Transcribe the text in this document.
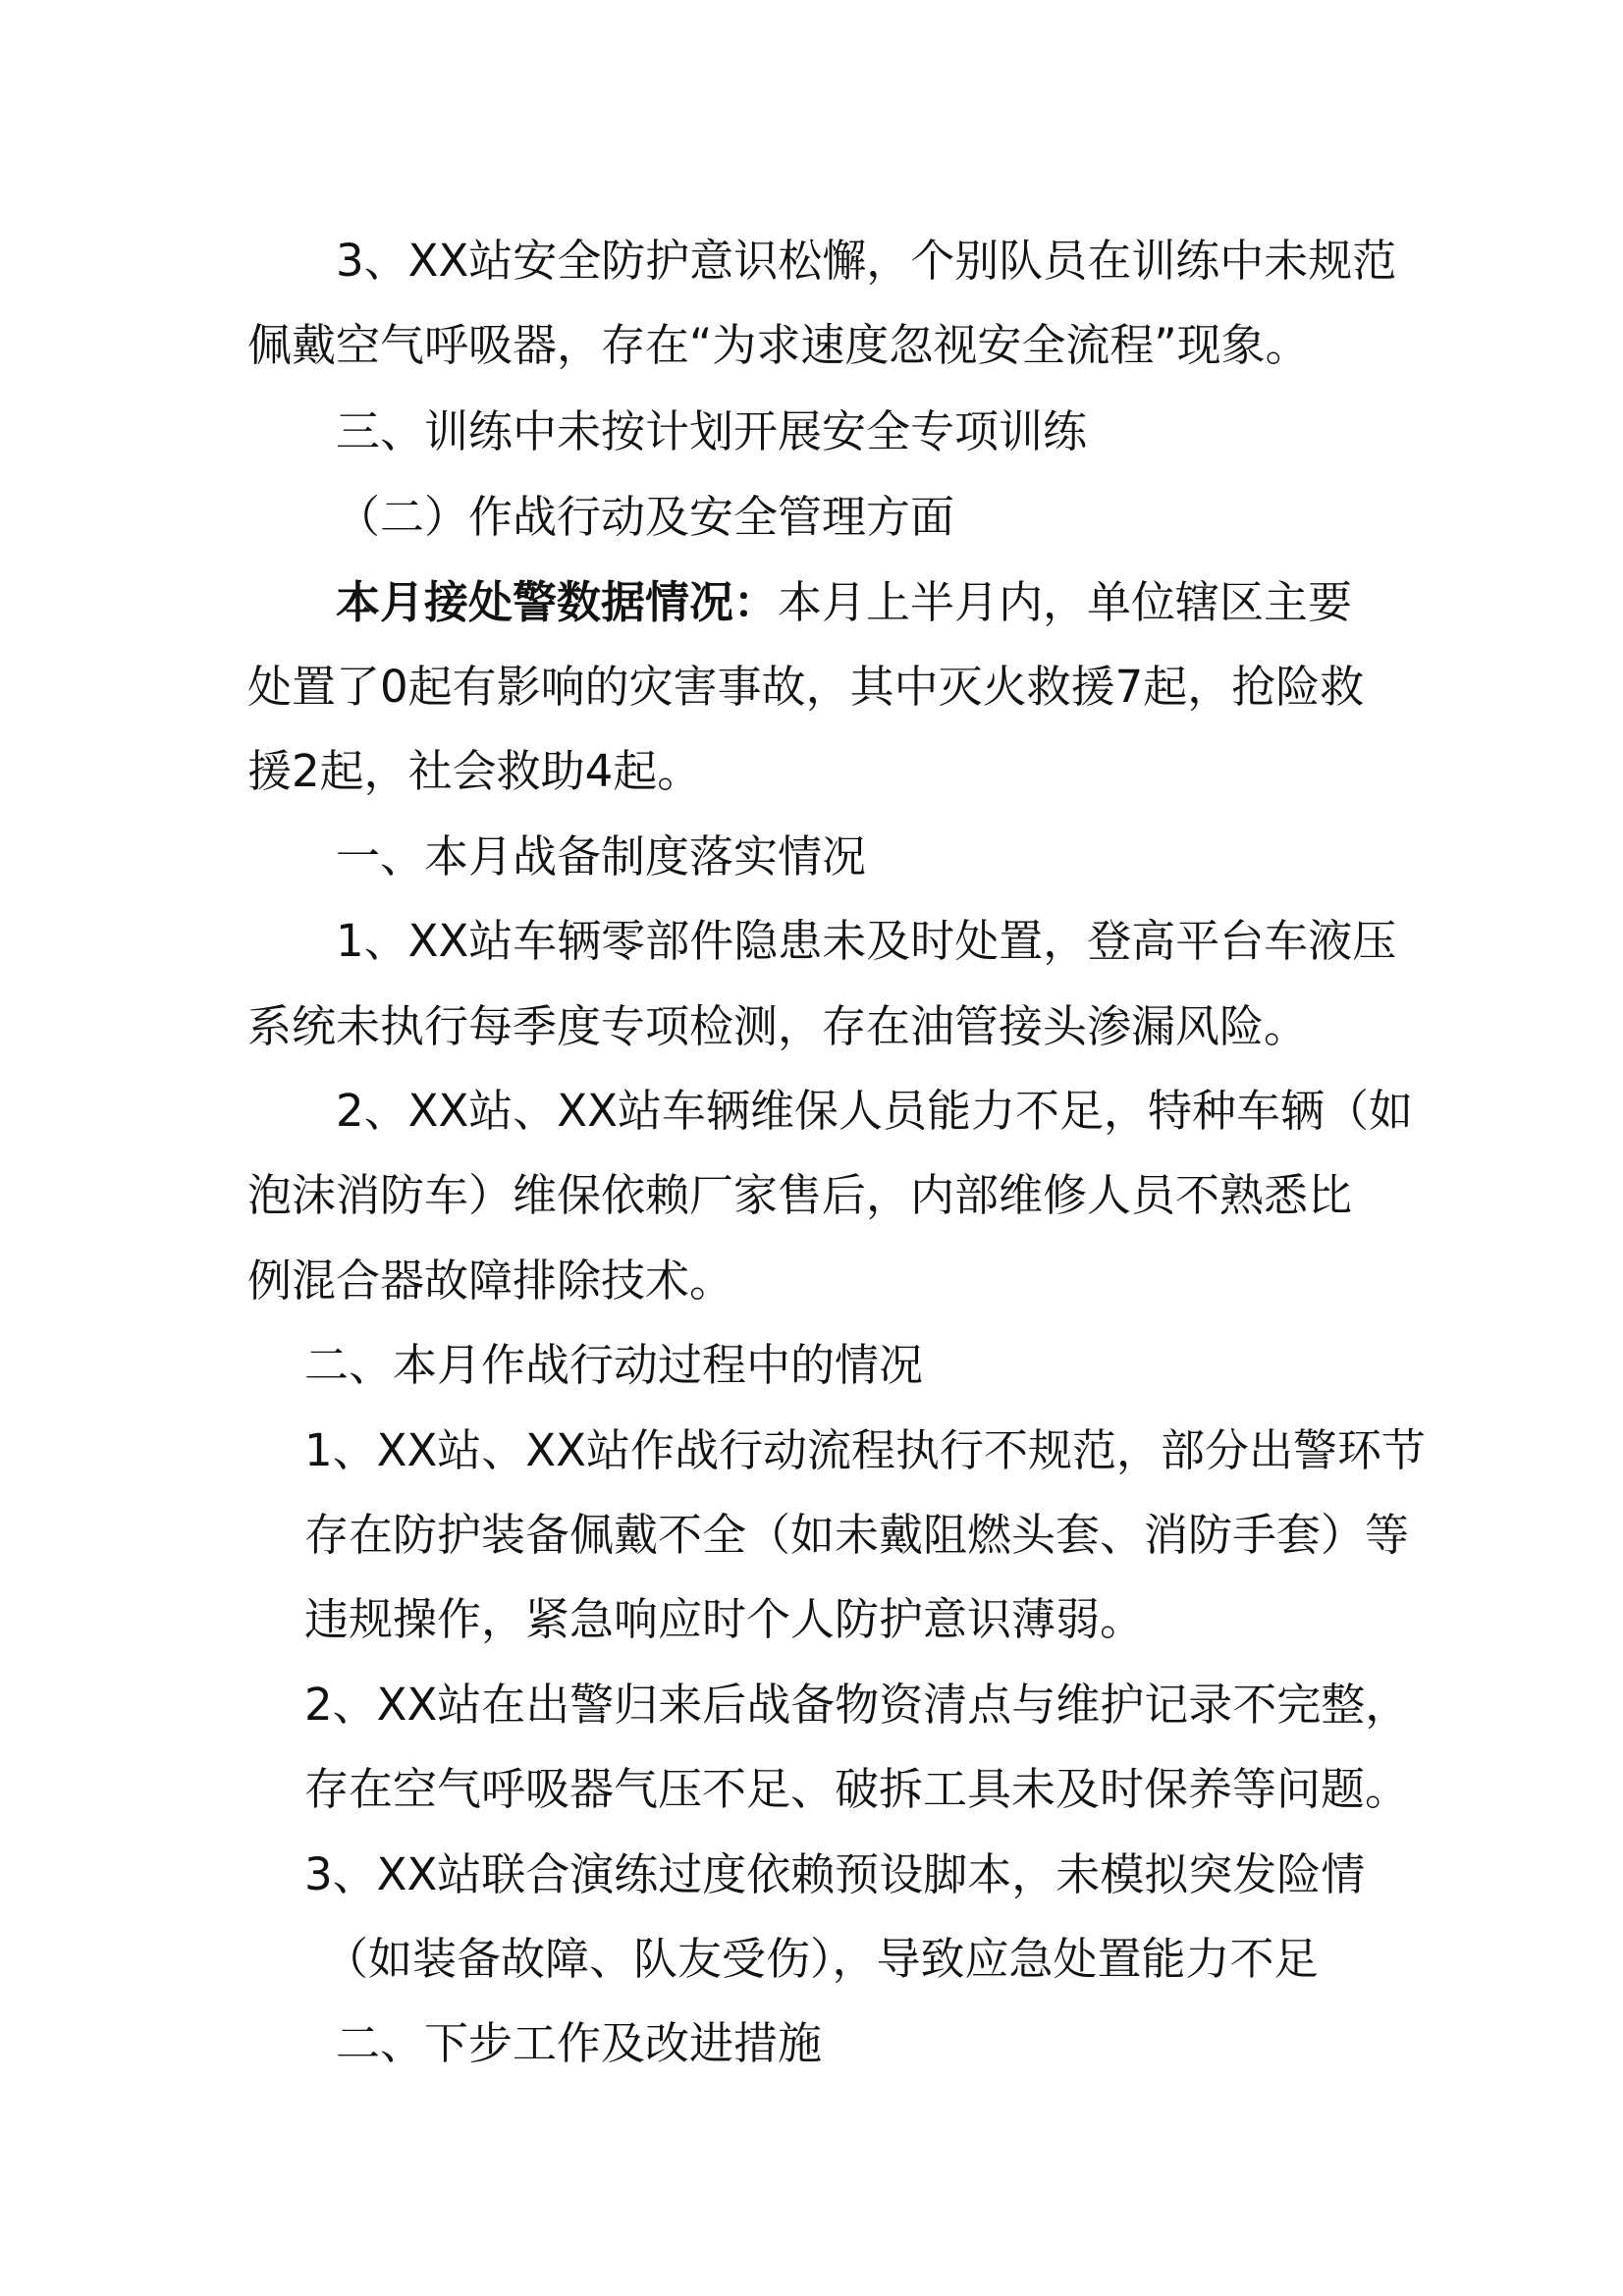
3、XX站安全防护意识松懈，个别队员在训练中未规范
佩戴空气呼吸器，存在“为求速度忽视安全流程”现象。
三、训练中未按计划开展安全专项训练
（二）作战行动及安全管理方面
本月接处警数据情况：本月上半月内，单位辖区主要
处置了0起有影响的灾害事故，其中灭火救援7起，抢险救
援2起，社会救助4起。
一、本月战备制度落实情况
1、XX站车辆零部件隐患未及时处置，登高平台车液压
系统未执行每季度专项检测，存在油管接头渗漏风险。
2、XX站、XX站车辆维保人员能力不足，特种车辆（如
泡沫消防车）维保依赖厂家售后，内部维修人员不熟悉比
例混合器故障排除技术。
二、本月作战行动过程中的情况
1、XX站、XX站作战行动流程执行不规范，部分出警环节
存在防护装备佩戴不全（如未戴阻燃头套、消防手套）等
违规操作，紧急响应时个人防护意识薄弱。
2、XX站在出警归来后战备物资清点与维护记录不完整，
存在空气呼吸器气压不足、破拆工具未及时保养等问题。
3、XX站联合演练过度依赖预设脚本，未模拟突发险情
（如装备故障、队友受伤），导致应急处置能力不足
二、下步工作及改进措施
